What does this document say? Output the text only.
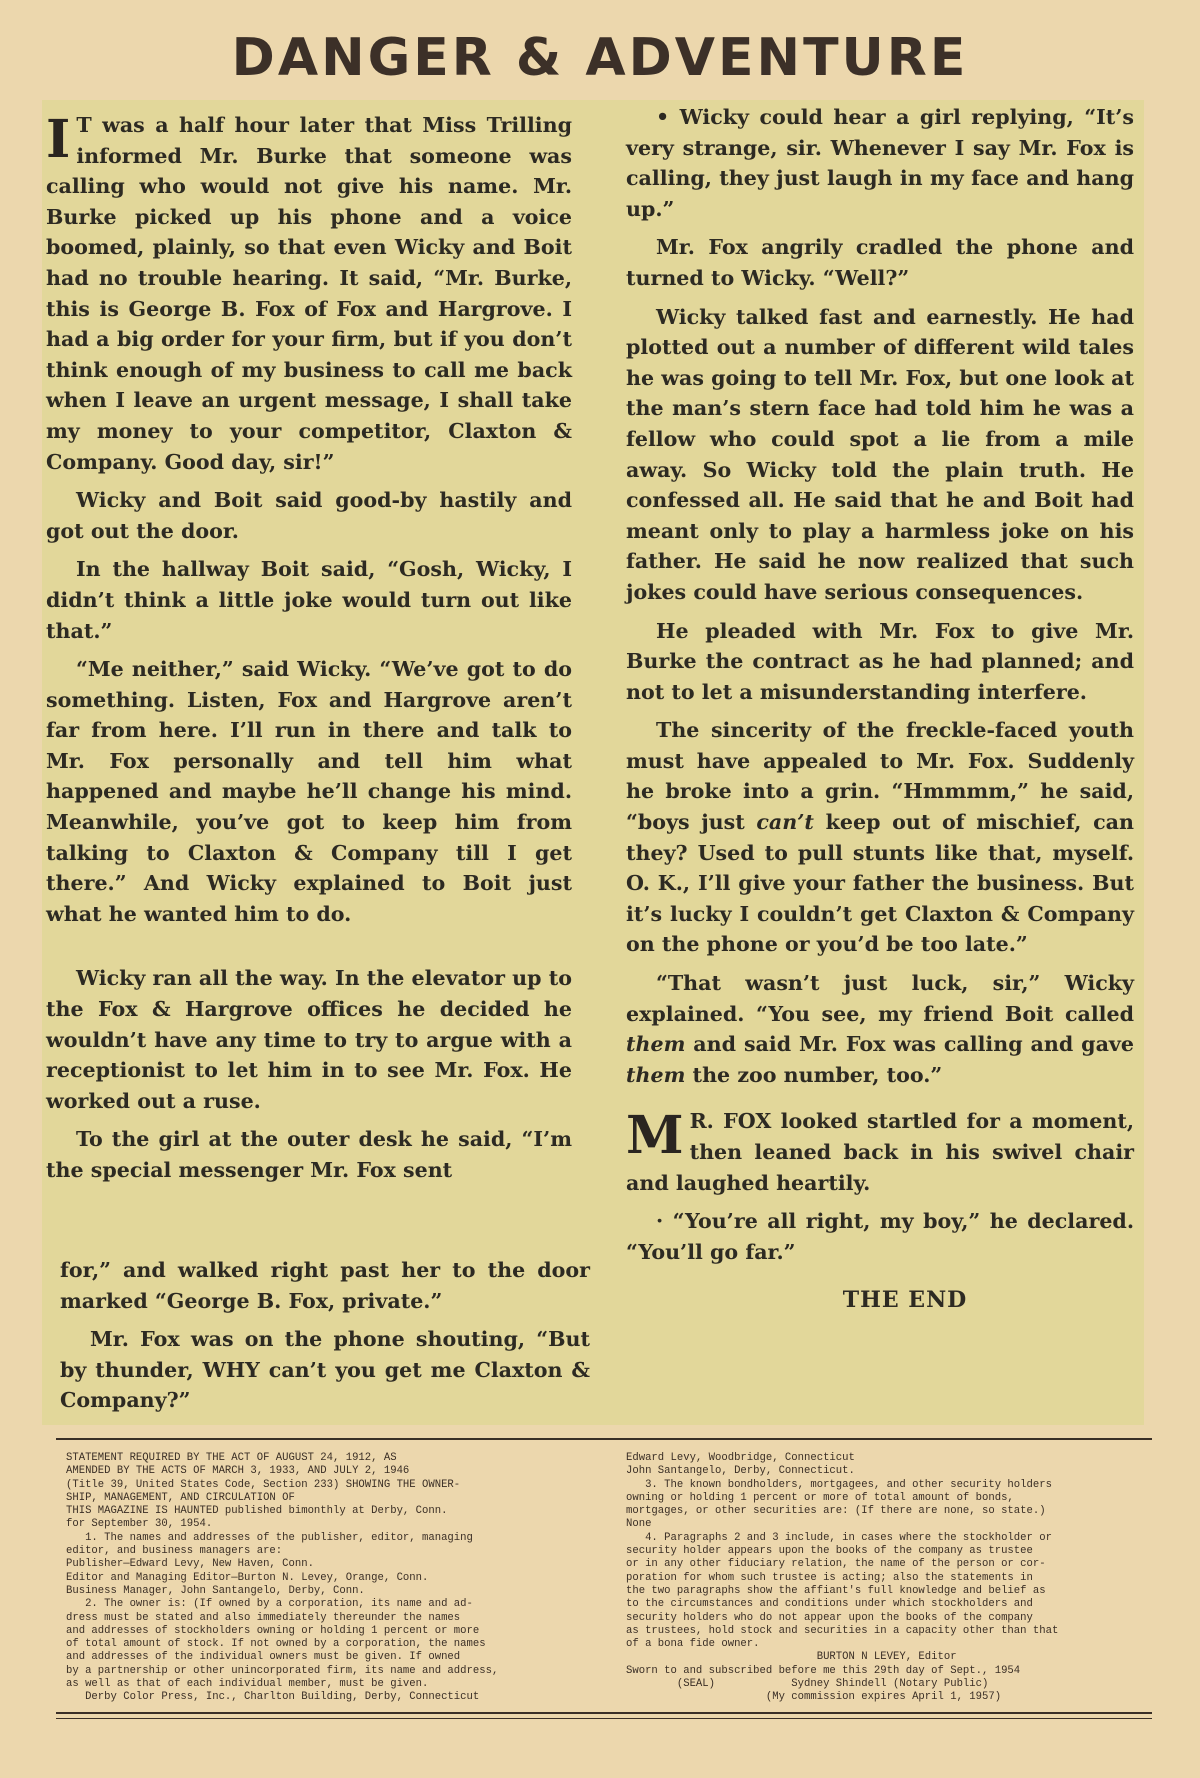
DANGER & ADVENTURE

I T was a half hour later that Miss Trilling informed Mr. Burke that someone was calling who would not give his name. Mr. Burke picked up his phone and a voice boomed, plainly, so that even Wicky and Boit had no trouble hearing. It said, “Mr. Burke, this is George B. Fox of Fox and Hargrove. I had a big order for your firm, but if you don’t think enough of my business to call me back when I leave an urgent message, I shall take my money to your competitor, Claxton & Company. Good day, sir!”

Wicky and Boit said good-by hastily and got out the door.

In the hallway Boit said, “Gosh, Wicky, I didn’t think a little joke would turn out like that.”

“Me neither,” said Wicky. “We’ve got to do something. Listen, Fox and Hargrove aren’t far from here. I’ll run in there and talk to Mr. Fox personally and tell him what happened and maybe he’ll change his mind. Meanwhile, you’ve got to keep him from talking to Claxton & Company till I get there.” And Wicky explained to Boit just what he wanted him to do.

Wicky ran all the way. In the elevator up to the Fox & Hargrove offices he decided he wouldn’t have any time to try to argue with a receptionist to let him in to see Mr. Fox. He worked out a ruse.

To the girl at the outer desk he said, “I’m the special messenger Mr. Fox sent

for,” and walked right past her to the door marked “George B. Fox, private.”

Mr. Fox was on the phone shouting, “But by thunder, WHY can’t you get me Claxton & Company?”

• Wicky could hear a girl replying, “It’s very strange, sir. Whenever I say Mr. Fox is calling, they just laugh in my face and hang up.”

Mr. Fox angrily cradled the phone and turned to Wicky. “Well?”

Wicky talked fast and earnestly. He had plotted out a number of different wild tales he was going to tell Mr. Fox, but one look at the man’s stern face had told him he was a fellow who could spot a lie from a mile away. So Wicky told the plain truth. He confessed all. He said that he and Boit had meant only to play a harmless joke on his father. He said he now realized that such jokes could have serious consequences.

He pleaded with Mr. Fox to give Mr. Burke the contract as he had planned; and not to let a misunderstanding interfere.

The sincerity of the freckle-faced youth must have appealed to Mr. Fox. Suddenly he broke into a grin. “Hmmmm,” he said, “boys just can’t keep out of mischief, can they? Used to pull stunts like that, myself. O. K., I’ll give your father the business. But it’s lucky I couldn’t get Claxton & Company on the phone or you’d be too late.”

“That wasn’t just luck, sir,” Wicky explained. “You see, my friend Boit called them and said Mr. Fox was calling and gave them the zoo number, too.”

M R. FOX looked startled for a moment, then leaned back in his swivel chair and laughed heartily.

· “You’re all right, my boy,” he declared. “You’ll go far.”

THE END

STATEMENT REQUIRED BY THE ACT OF AUGUST 24, 1912, AS
AMENDED BY THE ACTS OF MARCH 3, 1933, AND JULY 2, 1946
(Title 39, United States Code, Section 233) SHOWING THE OWNER-
SHIP, MANAGEMENT, AND CIRCULATION OF
THIS MAGAZINE IS HAUNTED published bimonthly at Derby, Conn.
for September 30, 1954.
1. The names and addresses of the publisher, editor, managing
editor, and business managers are:
Publisher—Edward Levy, New Haven, Conn.
Editor and Managing Editor—Burton N. Levey, Orange, Conn.
Business Manager, John Santangelo, Derby, Conn.
2. The owner is: (If owned by a corporation, its name and ad-
dress must be stated and also immediately thereunder the names
and addresses of stockholders owning or holding 1 percent or more
of total amount of stock. If not owned by a corporation, the names
and addresses of the individual owners must be given. If owned
by a partnership or other unincorporated firm, its name and address,
as well as that of each individual member, must be given.
Derby Color Press, Inc., Charlton Building, Derby, Connecticut
Edward Levy, Woodbridge, Connecticut
John Santangelo, Derby, Connecticut.
3. The known bondholders, mortgagees, and other security holders
owning or holding 1 percent or more of total amount of bonds,
mortgages, or other securities are: (If there are none, so state.)
None
4. Paragraphs 2 and 3 include, in cases where the stockholder or
security holder appears upon the books of the company as trustee
or in any other fiduciary relation, the name of the person or cor-
poration for whom such trustee is acting; also the statements in
the two paragraphs show the affiant's full knowledge and belief as
to the circumstances and conditions under which stockholders and
security holders who do not appear upon the books of the company
as trustees, hold stock and securities in a capacity other than that
of a bona fide owner.
BURTON N LEVEY, Editor
Sworn to and subscribed before me this 29th day of Sept., 1954
(SEAL)            Sydney Shindell (Notary Public)
(My commission expires April 1, 1957)
